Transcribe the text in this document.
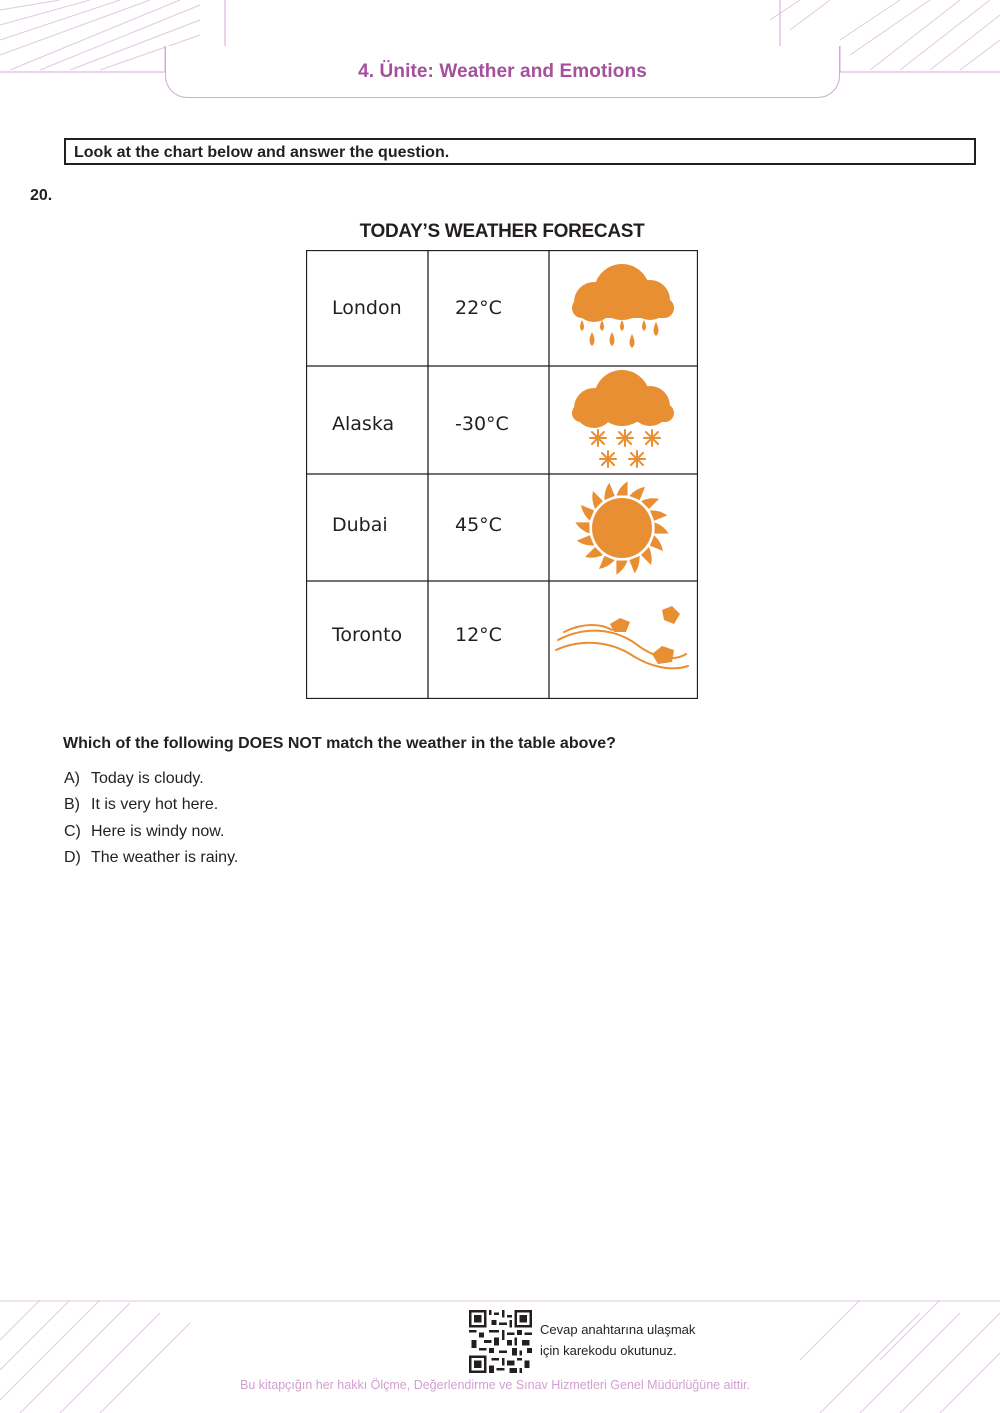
4. Ünite: Weather and Emotions
Look at the chart below and answer the question.
20.
TODAY’S WEATHER FORECAST
London	22°C
Alaska	-30°C
Dubai	45°C
Toronto	12°C
Which of the following DOES NOT match the weather in the table above?
A) Today is cloudy.
B) It is very hot here.
C) Here is windy now.
D) The weather is rainy.
Cevap anahtarına ulaşmak
için karekodu okutunuz.
Bu kitapçığın her hakkı Ölçme, Değerlendirme ve Sınav Hizmetleri Genel Müdürlüğüne aittir.
